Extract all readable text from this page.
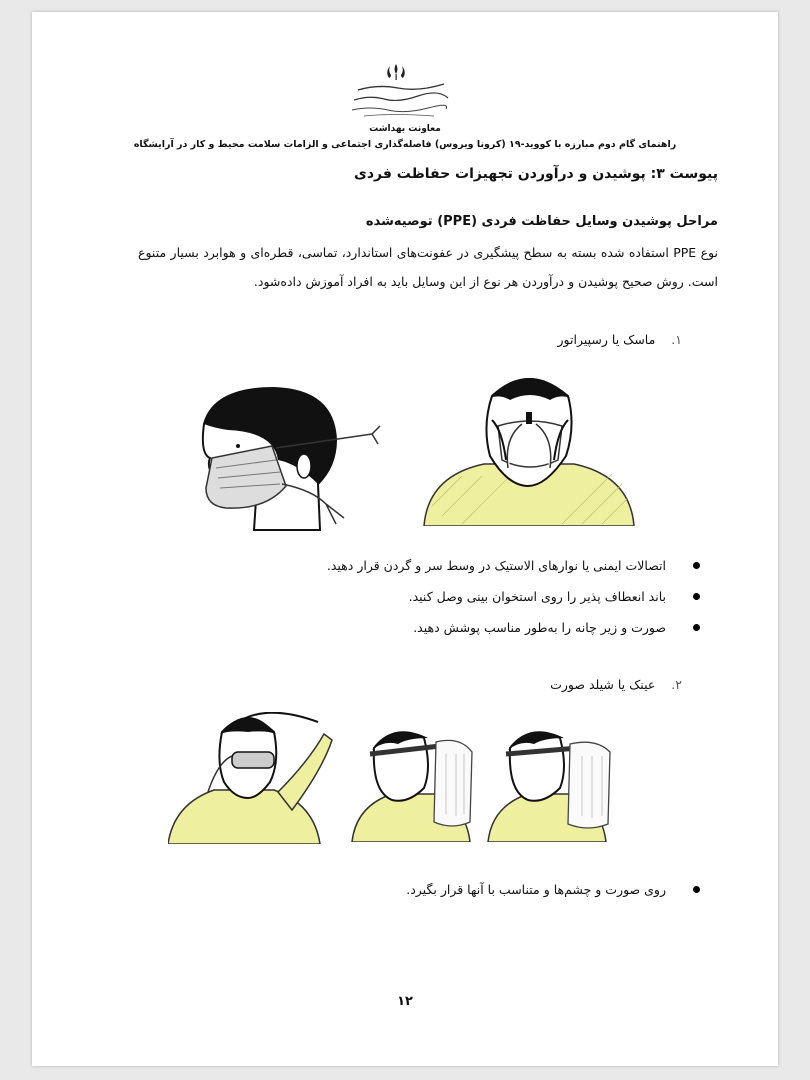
معاونت بهداشت
راهنمای گام دوم مبارزه با کووید-۱۹ (کرونا ویروس) فاصله‌گذاری اجتماعی و الزامات سلامت محیط و کار در آرایشگاه
پیوست ۳: پوشیدن و درآوردن تجهیزات حفاظت فردی
مراحل پوشیدن وسایل حفاظت فردی (PPE) توصیه‌شده
نوع PPE استفاده شده بسته به سطح پیشگیری در عفونت‌های استاندارد، تماسی، قطره‌ای و هوابرد بسیار متنوع است. روش صحیح پوشیدن و درآوردن هر نوع از این وسایل باید به افراد آموزش داده‌شود.
۱. ماسک یا رسپیراتور
اتصالات ایمنی یا نوارهای الاستیک در وسط سر و گردن قرار دهید.
باند انعطاف پذیر را روی استخوان بینی وصل کنید.
صورت و زیر چانه را به‌طور مناسب پوشش دهید.
۲. عینک یا شیلد صورت
روی صورت و چشم‌ها و متناسب با آنها قرار بگیرد.
۱۲
